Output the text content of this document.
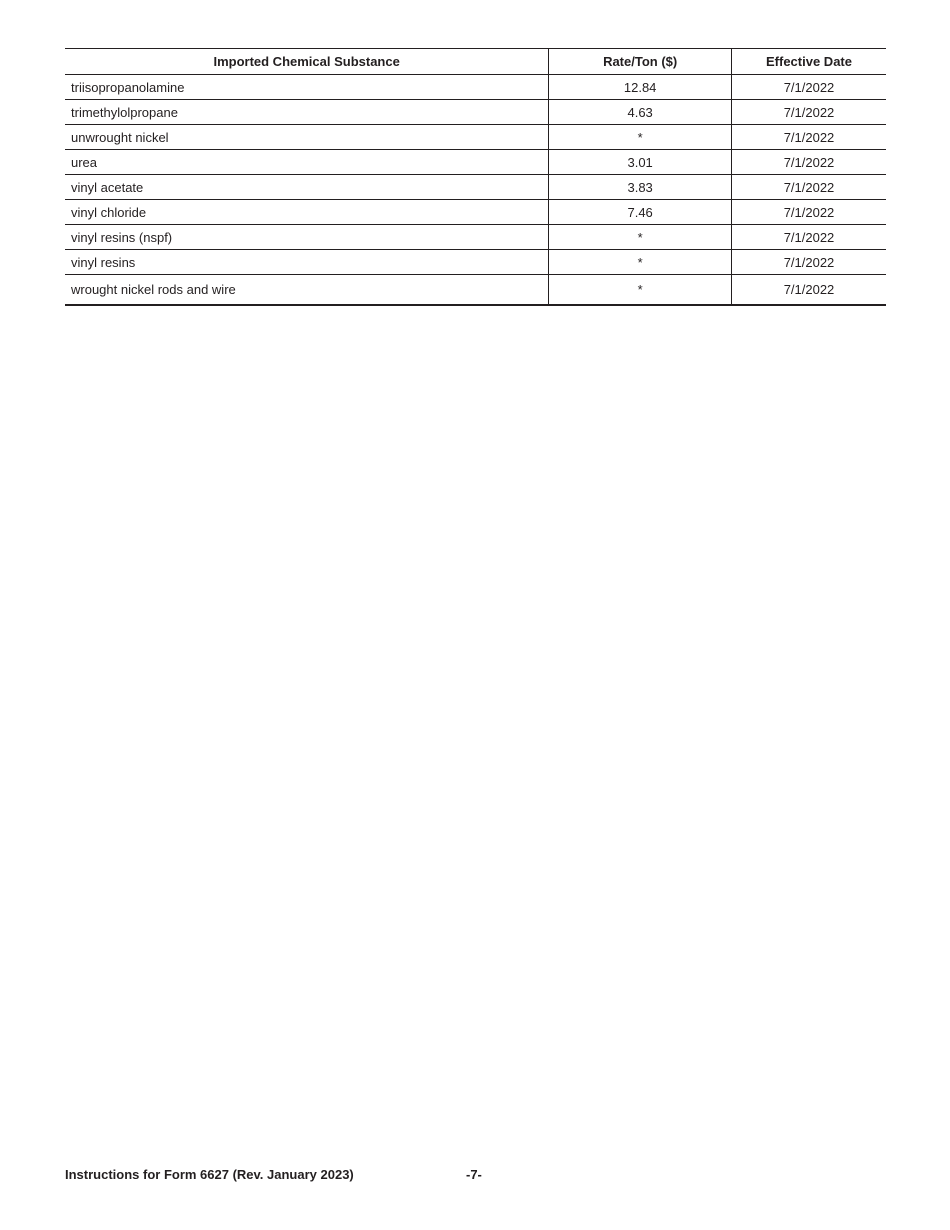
Imported Chemical Substance	Rate/Ton ($)	Effective Date
triisopropanolamine	12.84	7/1/2022
trimethylolpropane	4.63	7/1/2022
unwrought nickel	*	7/1/2022
urea	3.01	7/1/2022
vinyl acetate	3.83	7/1/2022
vinyl chloride	7.46	7/1/2022
vinyl resins (nspf)	*	7/1/2022
vinyl resins	*	7/1/2022
wrought nickel rods and wire	*	7/1/2022
Instructions for Form 6627 (Rev. January 2023)	-7-
